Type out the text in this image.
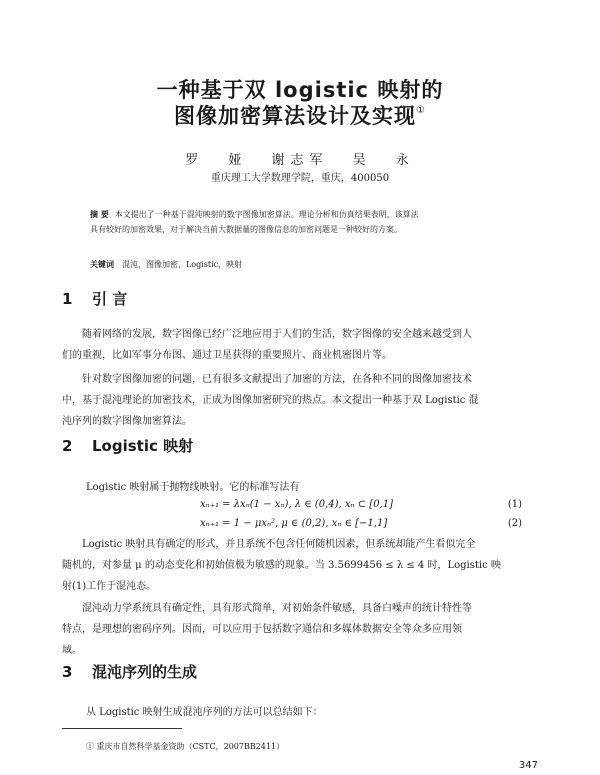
一种基于双 logistic 映射的
图像加密算法设计及实现①
罗 娅 谢志军 吴 永
重庆理工大学数理学院，重庆，400050
摘 要 本文提出了一种基于混沌映射的数字图像加密算法。理论分析和仿真结果表明，该算法
具有较好的加密效果，对于解决当前大数据量的图像信息的加密问题是一种较好的方案。
关键词 混沌，图像加密，Logistic，映射
1 引 言
随着网络的发展，数字图像已经广泛地应用于人们的生活，数字图像的安全越来越受到人
们的重视，比如军事分布图、通过卫星获得的重要照片、商业机密图片等。
针对数字图像加密的问题，已有很多文献提出了加密的方法，在各种不同的图像加密技术
中，基于混沌理论的加密技术，正成为图像加密研究的热点。本文提出一种基于双 Logistic 混
沌序列的数字图像加密算法。
2 Logistic 映射
Logistic 映射属于抛物线映射。它的标准写法有
xₙ₊₁ = λxₙ(1 − xₙ), λ ∈ (0,4), xₙ ⊂ [0,1]	(1)
xₙ₊₁ = 1 − μxₙ², μ ∈ (0,2), xₙ ∈ [−1,1]	(2)
Logistic 映射具有确定的形式，并且系统不包含任何随机因素，但系统却能产生看似完全
随机的，对参量 μ 的动态变化和初始值极为敏感的现象。当 3.5699456 ≤ λ ≤ 4 时，Logistic 映
射(1)工作于混沌态。
混沌动力学系统具有确定性，具有形式简单，对初始条件敏感，具备白噪声的统计特性等
特点，是理想的密码序列。因而，可以应用于包括数字通信和多媒体数据安全等众多应用领
域。
3 混沌序列的生成
从 Logistic 映射生成混沌序列的方法可以总结如下：
① 重庆市自然科学基金资助（CSTC，2007BB2411）
347
